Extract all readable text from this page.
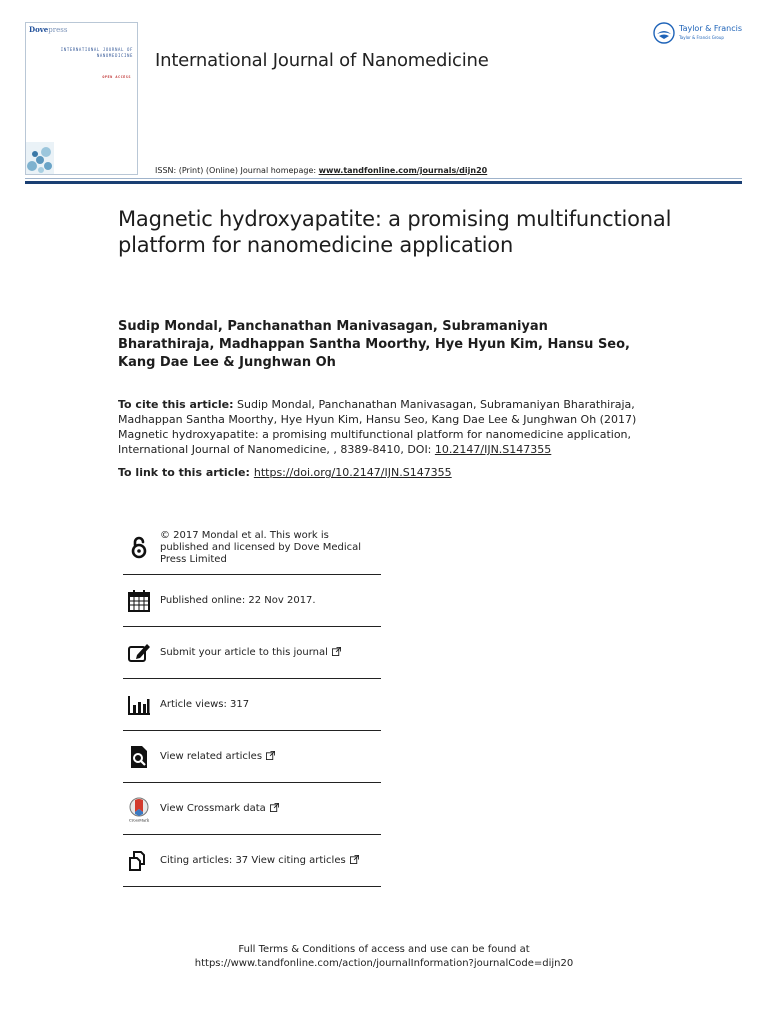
Dovepress
INTERNATIONAL JOURNAL OF NANOMEDICINE
OPEN ACCESS
International Journal of Nanomedicine
ISSN: (Print) (Online) Journal homepage: www.tandfonline.com/journals/dijn20
Taylor & Francis
Taylor & Francis Group
Magnetic hydroxyapatite: a promising multifunctional platform for nanomedicine application
Sudip Mondal, Panchanathan Manivasagan, Subramaniyan Bharathiraja, Madhappan Santha Moorthy, Hye Hyun Kim, Hansu Seo, Kang Dae Lee & Junghwan Oh
To cite this article: Sudip Mondal, Panchanathan Manivasagan, Subramaniyan Bharathiraja, Madhappan Santha Moorthy, Hye Hyun Kim, Hansu Seo, Kang Dae Lee & Junghwan Oh (2017) Magnetic hydroxyapatite: a promising multifunctional platform for nanomedicine application, International Journal of Nanomedicine, , 8389-8410, DOI: 10.2147/IJN.S147355
To link to this article: https://doi.org/10.2147/IJN.S147355
© 2017 Mondal et al. This work is published and licensed by Dove Medical Press Limited
Published online: 22 Nov 2017.
Submit your article to this journal
Article views: 317
View related articles
CrossMark
View Crossmark data
Citing articles: 37 View citing articles
Full Terms & Conditions of access and use can be found at
https://www.tandfonline.com/action/journalInformation?journalCode=dijn20
